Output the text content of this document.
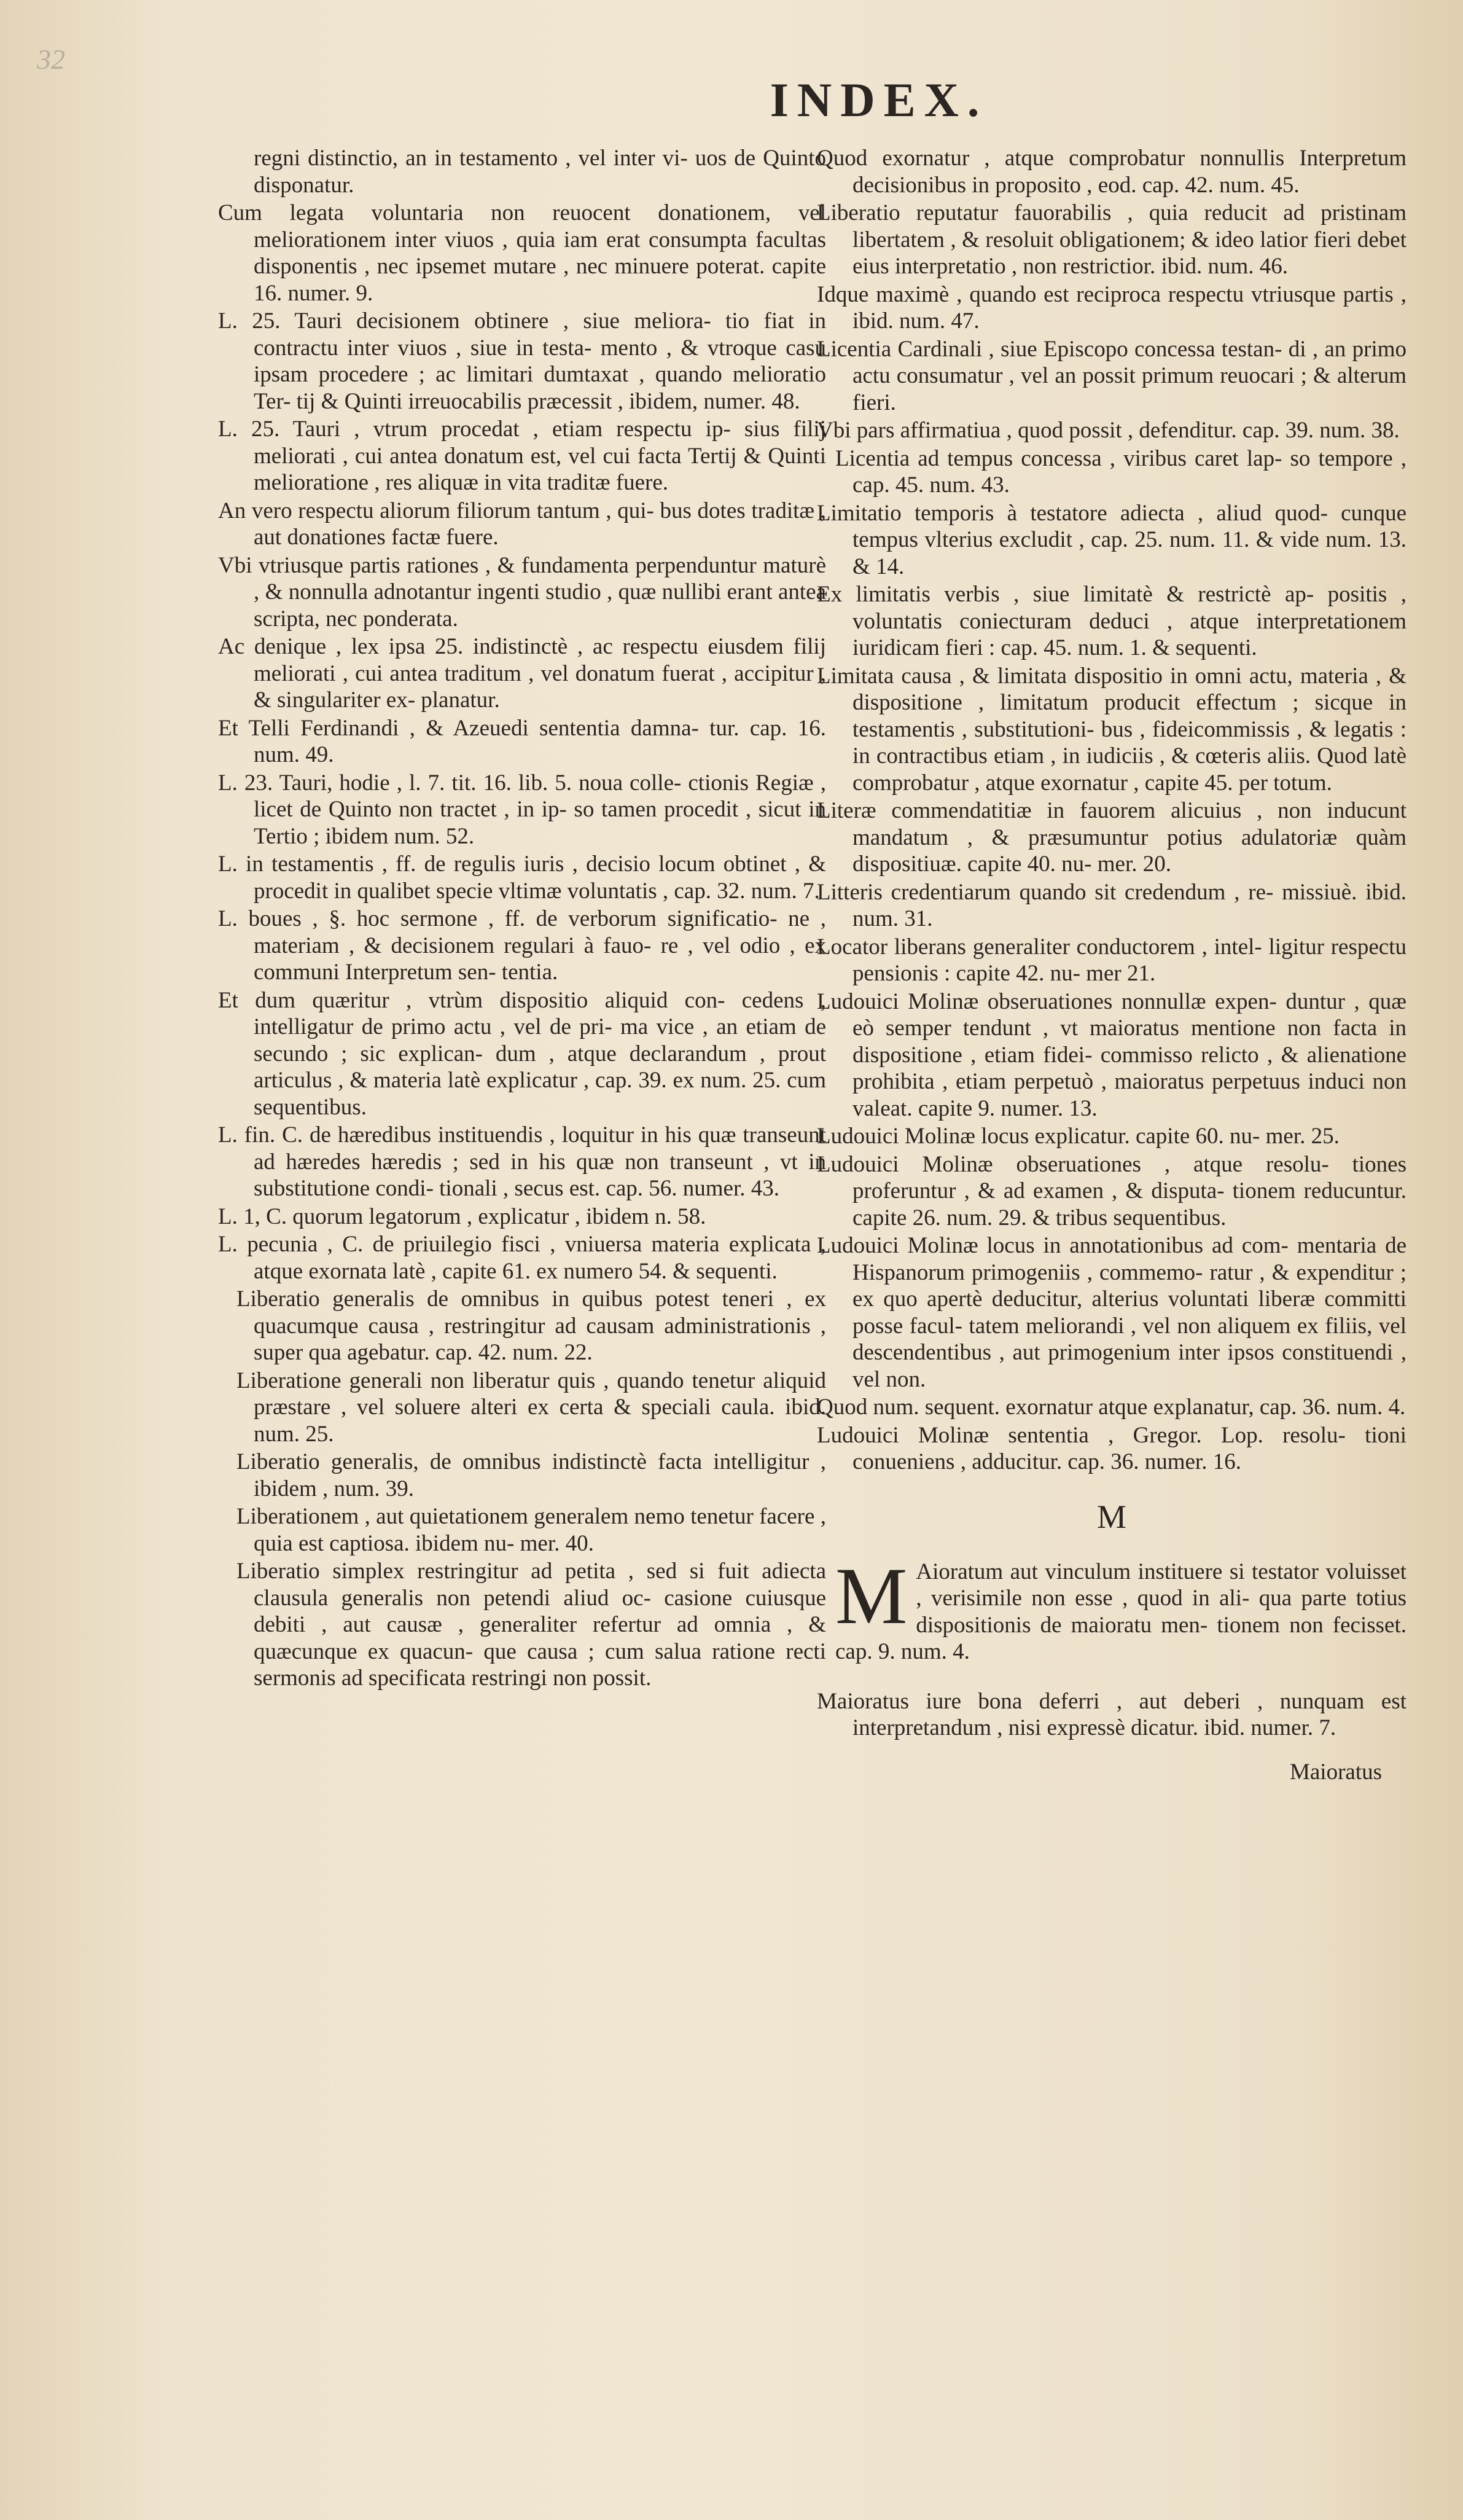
32
INDEX.

regni distinctio, an in testamento , vel inter vi- uos de Quinto disponatur.

Cum legata voluntaria non reuocent donationem, vel meliorationem inter viuos , quia iam erat consumpta facultas disponentis , nec ipsemet mutare , nec minuere poterat. capite 16. numer. 9.

L. 25. Tauri decisionem obtinere , siue meliora- tio fiat in contractu inter viuos , siue in testa- mento , & vtroque casu ipsam procedere ; ac limitari dumtaxat , quando melioratio Ter- tij & Quinti irreuocabilis præcessit , ibidem, numer. 48.

L. 25. Tauri , vtrum procedat , etiam respectu ip- sius filij meliorati , cui antea donatum est, vel cui facta Tertij & Quinti melioratione , res aliquæ in vita traditæ fuere.

An vero respectu aliorum filiorum tantum , qui- bus dotes traditæ , aut donationes factæ fuere.

Vbi vtriusque partis rationes , & fundamenta perpenduntur maturè , & nonnulla adnotantur ingenti studio , quæ nullibi erant antea scripta, nec ponderata.

Ac denique , lex ipsa 25. indistinctè , ac respectu eiusdem filij meliorati , cui antea traditum , vel donatum fuerat , accipitur , & singulariter ex- planatur.

Et Telli Ferdinandi , & Azeuedi sententia damna- tur. cap. 16. num. 49.

L. 23. Tauri, hodie , l. 7. tit. 16. lib. 5. noua colle- ctionis Regiæ , licet de Quinto non tractet , in ip- so tamen procedit , sicut in Tertio ; ibidem num. 52.

L. in testamentis , ff. de regulis iuris , decisio locum obtinet , & procedit in qualibet specie vltimæ voluntatis , cap. 32. num. 7.

L. boues , §. hoc sermone , ff. de verborum significatio- ne , materiam , & decisionem regulari à fauo- re , vel odio , ex communi Interpretum sen- tentia.

Et dum quæritur , vtrùm dispositio aliquid con- cedens , intelligatur de primo actu , vel de pri- ma vice , an etiam de secundo ; sic explican- dum , atque declarandum , prout articulus , & materia latè explicatur , cap. 39. ex num. 25. cum sequentibus.

L. fin. C. de hæredibus instituendis , loquitur in his quæ transeunt ad hæredes hæredis ; sed in his quæ non transeunt , vt in substitutione condi- tionali , secus est. cap. 56. numer. 43.

L. 1, C. quorum legatorum , explicatur , ibidem n. 58.

L. pecunia , C. de priuilegio fisci , vniuersa materia explicata , atque exornata latè , capite 61. ex numero 54. & sequenti.

Liberatio generalis de omnibus in quibus potest teneri , ex quacumque causa , restringitur ad causam administrationis , super qua agebatur. cap. 42. num. 22.

Liberatione generali non liberatur quis , quando tenetur aliquid præstare , vel soluere alteri ex certa & speciali caula. ibid. num. 25.

Liberatio generalis, de omnibus indistinctè facta intelligitur , ibidem , num. 39.

Liberationem , aut quietationem generalem nemo tenetur facere , quia est captiosa. ibidem nu- mer. 40.

Liberatio simplex restringitur ad petita , sed si fuit adiecta clausula generalis non petendi aliud oc- casione cuiusque debiti , aut causæ , generaliter refertur ad omnia , & quæcunque ex quacun- que causa ; cum salua ratione recti sermonis ad specificata restringi non possit.

Quod exornatur , atque comprobatur nonnullis Interpretum decisionibus in proposito , eod. cap. 42. num. 45.

Liberatio reputatur fauorabilis , quia reducit ad pristinam libertatem , & resoluit obligationem; & ideo latior fieri debet eius interpretatio , non restrictior. ibid. num. 46.

Idque maximè , quando est reciproca respectu vtriusque partis , ibid. num. 47.

Licentia Cardinali , siue Episcopo concessa testan- di , an primo actu consumatur , vel an possit primum reuocari ; & alterum fieri.

Vbi pars affirmatiua , quod possit , defenditur. cap. 39. num. 38.

Licentia ad tempus concessa , viribus caret lap- so tempore , cap. 45. num. 43.

Limitatio temporis à testatore adiecta , aliud quod- cunque tempus vlterius excludit , cap. 25. num. 11. & vide num. 13. & 14.

Ex limitatis verbis , siue limitatè & restrictè ap- positis , voluntatis coniecturam deduci , atque interpretationem iuridicam fieri : cap. 45. num. 1. & sequenti.

Limitata causa , & limitata dispositio in omni actu, materia , & dispositione , limitatum producit effectum ; sicque in testamentis , substitutioni- bus , fideicommissis , & legatis : in contractibus etiam , in iudiciis , & cœteris aliis. Quod latè comprobatur , atque exornatur , capite 45. per totum.

Literæ commendatitiæ in fauorem alicuius , non inducunt mandatum , & præsumuntur potius adulatoriæ quàm dispositiuæ. capite 40. nu- mer. 20.

Litteris credentiarum quando sit credendum , re- missiuè. ibid. num. 31.

Locator liberans generaliter conductorem , intel- ligitur respectu pensionis : capite 42. nu- mer 21.

Ludouici Molinæ obseruationes nonnullæ expen- duntur , quæ eò semper tendunt , vt maioratus mentione non facta in dispositione , etiam fidei- commisso relicto , & alienatione prohibita , etiam perpetuò , maioratus perpetuus induci non valeat. capite 9. numer. 13.

Ludouici Molinæ locus explicatur. capite 60. nu- mer. 25.

Ludouici Molinæ obseruationes , atque resolu- tiones proferuntur , & ad examen , & disputa- tionem reducuntur. capite 26. num. 29. & tribus sequentibus.

Ludouici Molinæ locus in annotationibus ad com- mentaria de Hispanorum primogeniis , commemo- ratur , & expenditur ; ex quo apertè deducitur, alterius voluntati liberæ committi posse facul- tatem meliorandi , vel non aliquem ex filiis, vel descendentibus , aut primogenium inter ipsos constituendi , vel non.

Quod num. sequent. exornatur atque explanatur, cap. 36. num. 4.

Ludouici Molinæ sententia , Gregor. Lop. resolu- tioni conueniens , adducitur. cap. 36. numer. 16.

M

M Aioratum aut vinculum instituere si testator voluisset , verisimile non esse , quod in ali- qua parte totius dispositionis de maioratu men- tionem non fecisset. cap. 9. num. 4.

Maioratus iure bona deferri , aut deberi , nunquam est interpretandum , nisi expressè dicatur. ibid. numer. 7.

Maioratus
